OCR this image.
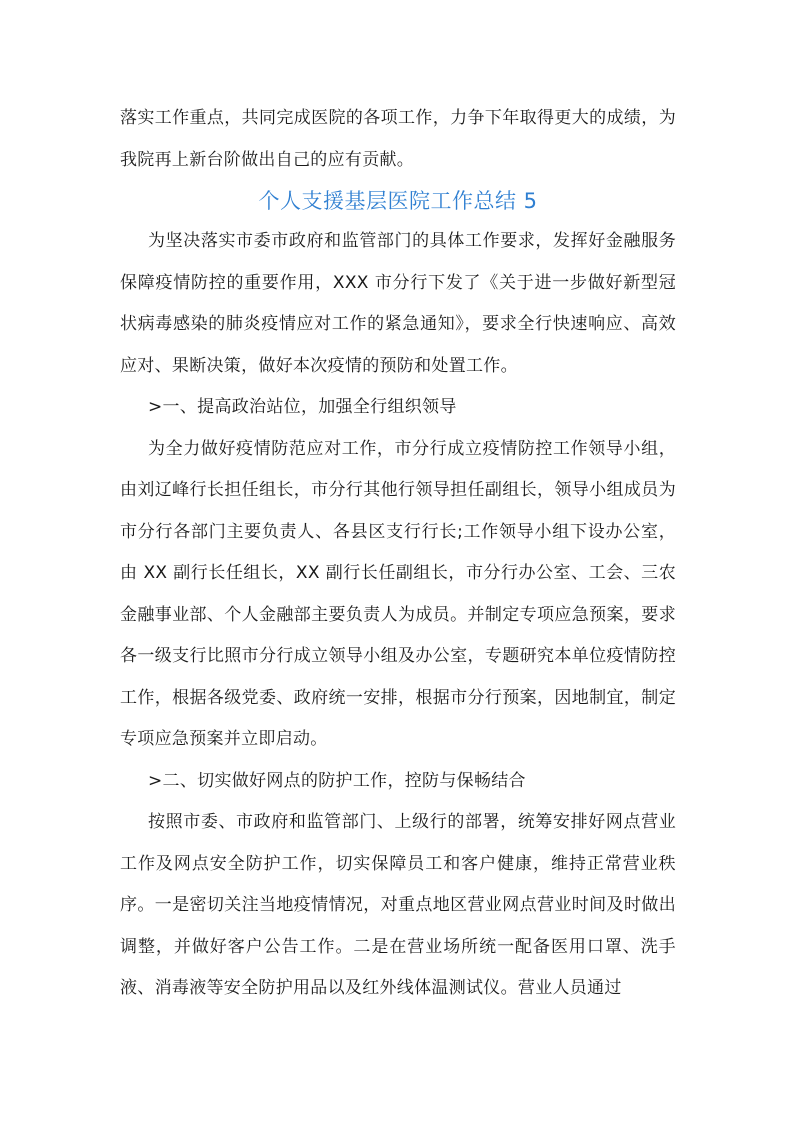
落实工作重点，共同完成医院的各项工作，力争下年取得更大的成绩，为我院再上新台阶做出自己的应有贡献。

个人支援基层医院工作总结 5

为坚决落实市委市政府和监管部门的具体工作要求，发挥好金融服务保障疫情防控的重要作用，XXX 市分行下发了《关于进一步做好新型冠状病毒感染的肺炎疫情应对工作的紧急通知》，要求全行快速响应、高效应对、果断决策，做好本次疫情的预防和处置工作。

>一、提高政治站位，加强全行组织领导

为全力做好疫情防范应对工作，市分行成立疫情防控工作领导小组，由刘辽峰行长担任组长，市分行其他行领导担任副组长，领导小组成员为市分行各部门主要负责人、各县区支行行长;工作领导小组下设办公室，由 XX 副行长任组长，XX 副行长任副组长，市分行办公室、工会、三农金融事业部、个人金融部主要负责人为成员。并制定专项应急预案，要求各一级支行比照市分行成立领导小组及办公室，专题研究本单位疫情防控工作，根据各级党委、政府统一安排，根据市分行预案，因地制宜，制定专项应急预案并立即启动。

>二、切实做好网点的防护工作，控防与保畅结合

按照市委、市政府和监管部门、上级行的部署，统筹安排好网点营业工作及网点安全防护工作，切实保障员工和客户健康，维持正常营业秩序。一是密切关注当地疫情情况，对重点地区营业网点营业时间及时做出调整，并做好客户公告工作。二是在营业场所统一配备医用口罩、洗手液、消毒液等安全防护用品以及红外线体温测试仪。营业人员通过
